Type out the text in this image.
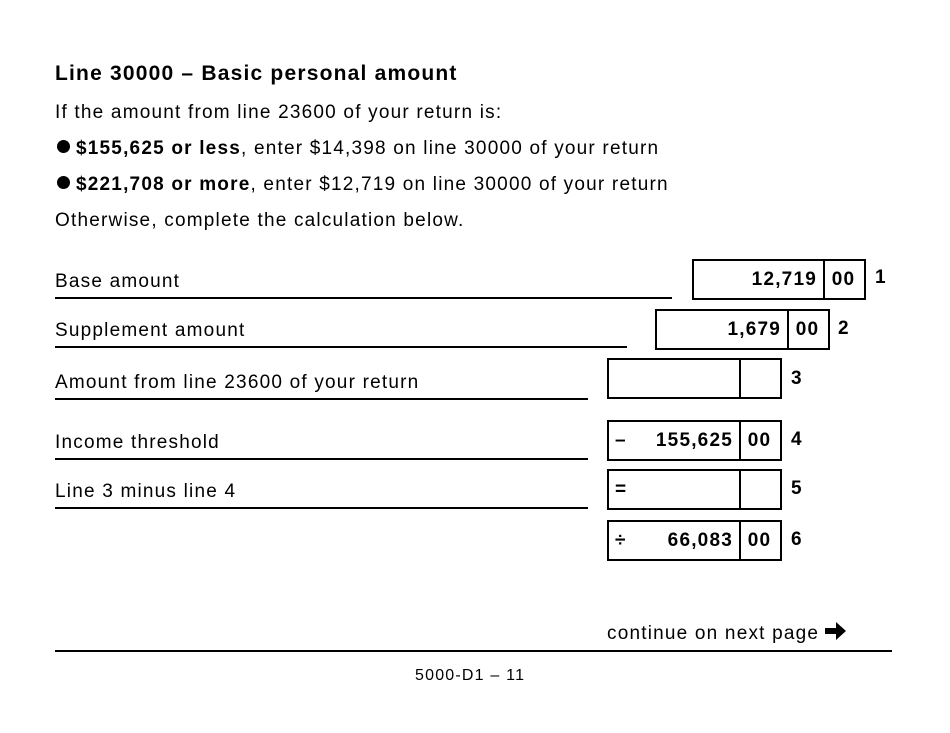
Line 30000 – Basic personal amount
If the amount from line 23600 of your return is:
$155,625 or less, enter $14,398 on line 30000 of your return
$221,708 or more, enter $12,719 on line 30000 of your return
Otherwise, complete the calculation below.
Base amount	12,719 00	1
Supplement amount	1,679 00 2
Amount from line 23600 of your return	3
Income threshold	– 155,625 00	4
Line 3 minus line 4	=	5
÷ 66,083 00	6
continue on next page
5000-D1 – 11
